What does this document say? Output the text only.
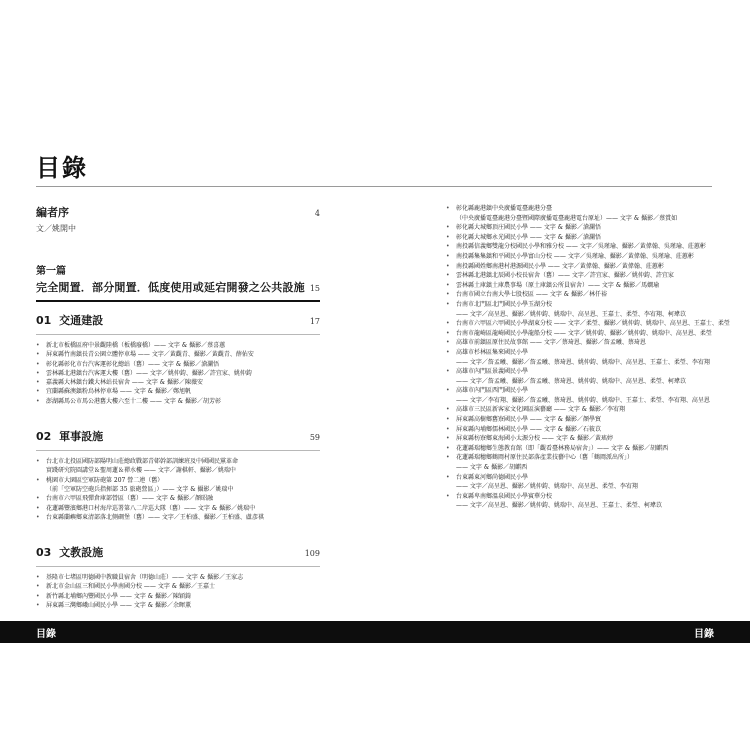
目錄
編者序	4
文／姚開中
第一篇
完全閒置．部分閒置．低度使用或延宕開發之公共設施 15
01 交通建設	17
• 新北市板橋區府中景觀陸橋（板橋廢橋）—— 文字 & 攝影／蔡喜蕙
• 屏東縣竹南鎮長青公園立體停車場 —— 文字／黃觀青、攝影／黃觀青、薛佑安
• 彰化縣彰化市台汽客運彰化總站（舊）—— 文字 & 攝影／滄瀾悟
• 雲林縣北港鎮台汽客運大樓（舊）—— 文字／姚仲鈞、攝影／許宜家、姚仲鈞
• 嘉義縣大林鎮台鐵大林站長宿舍 —— 文字 & 攝影／陳薇安
• 宜蘭縣蘇澳鎮粉鳥林停車場 —— 文字 & 攝影／鄭旭帆
• 澎湖縣馬公市馬公港舊大樓六至十二樓 —— 文字 & 攝影／胡芳彰
02 軍事設施	59
• 台北市北投區國防部陽明山莊總政戰部青邨幹部訓練班及中國國民黨革命
實踐研究院圓講堂＆聖周蓮＆禪水樓 —— 文字／謝棋軒、攝影／姚瑞中
• 桃園市大園區空軍防砲第 207 營二連（舊）
（前「空軍防空砲兵指揮部 35 旅砲營區」）—— 文字 & 攝影／姚瑞中
• 台南市六甲區飛彈倉庫部營區（舊）—— 文字 & 攝影／顏昭融
• 花蓮縣豐濱鄉港口村海岸巡署第八二岸巡大隊（舊）—— 文字 & 攝影／姚瑞中
• 台東縣蘭嶼鄉東清部落北側碉堡（舊）—— 文字／王柏盛、攝影／王柏盛、盧彥祺
03 文教設施	109
• 基隆市七堵區明德國中教職員宿舍（明德山莊）—— 文字 & 攝影／王家志
• 新北市金山區三和國民小學南國分校 —— 文字 & 攝影／王嘉士
• 新竹縣北埔鄉內豐國民小學 —— 文字 & 攝影／陳穎錡
• 屏東縣三灣鄉峨山國民小學 —— 文字 & 攝影／余暉薰
• 彰化縣鹿港鎮中央廣播電臺鹿港分臺
（中央廣播電臺鹿港分臺暨國際廣播電臺鹿港電台原址）—— 文字 & 攝影／蔡賞如
• 彰化縣大城鄉頂庄國民小學 —— 文字 & 攝影／滄瀾悟
• 彰化縣大城鄉永光國民小學 —— 文字 & 攝影／滄瀾悟
• 南投縣信義鄉雙龍分校國民小學和雅分校 —— 文字／吳瑾瑜、攝影／黃偉翰、吳瑾瑜、莊蕙彬
• 南投縣集集鎮和平國民小學富山分校 —— 文字／吳瑾瑜、攝影／黃偉翰、吳瑾瑜、莊蕙彬
• 南投縣國姓鄉南港村港源國民小學 —— 文字／黃偉翰、攝影／黃偉翰、莊蕙彬
• 雲林縣北港鎮北辰國小校長宿舍（舊）—— 文字／許宜家、攝影／姚仲鈞、許宜家
• 雲林縣土庫鎮土庫農事場（原土庫鎮公所員宿舍）—— 文字 & 攝影／馬嫻瑜
• 台南市國立台南大學七股校區 —— 文字 & 攝影／林仟裕
• 台南市北門區北門國民小學玉湖分校
—— 文字／高呈恩、攝影／姚仲鈞、姚瑞中、高呈恩、王嘉士、柔瑩、李宥翔、柯瑋苡
• 台南市六甲區六甲國民小學湖東分校 —— 文字／柔瑩、攝影／姚仲鈞、姚瑞中、高呈恩、王嘉士、柔瑩
• 台南市龍崎區龍崎國民小學龍船分校 —— 文字／姚仲鈞、攝影／姚仲鈞、姚瑞中、高呈恩、柔瑩
• 高雄市前鎮區原住民故事館 —— 文字／蔡琦恩、攝影／詹孟曦、蔡琦恩
• 高雄市杉林區集來國民小學
—— 文字／詹孟曦、攝影／詹孟曦、蔡琦恩、姚仲鈞、姚瑞中、高呈恩、王嘉士、柔瑩、李宥翔
• 高雄市內門區景義國民小學
—— 文字／詹孟曦、攝影／詹孟曦、蔡琦恩、姚仲鈞、姚瑞中、高呈恩、柔瑩、柯瑋苡
• 高雄市內門區西門國民小學
—— 文字／李宥翔、攝影／詹孟曦、蔡琦恩、姚仲鈞、姚瑞中、王嘉士、柔瑩、李宥翔、高呈恩
• 高雄市三民區新客家文化園區演藝廳 —— 文字 & 攝影／李宥翔
• 屏東縣高樹鄉舊寮國民小學 —— 文字 & 攝影／顏學貿
• 屏東縣內埔鄉儒林國民小學 —— 文字 & 攝影／石筱苡
• 屏東縣枋寮鄉東海國小太源分校 —— 文字 & 攝影／黃瑤婷
• 花蓮縣瑞穗鄉生態教育館（即「觀看臺林務局宿舍」）—— 文字 & 攝影／胡麒西
• 花蓮縣瑞穗鄉鶴岡村原住民部落產業技藝中心（舊「鶴岡派出所」）
—— 文字 & 攝影／胡麒西
• 台東縣東河鄉尚德國民小學
—— 文字／高呈恩、攝影／姚仲鈞、姚瑞中、高呈恩、柔瑩、李宥翔
• 台東縣卑南鄉溫泉國民小學賓華分校
—— 文字／高呈恩、攝影／姚仲鈞、姚瑞中、高呈恩、王嘉士、柔瑩、柯瑋苡
目錄	目錄
